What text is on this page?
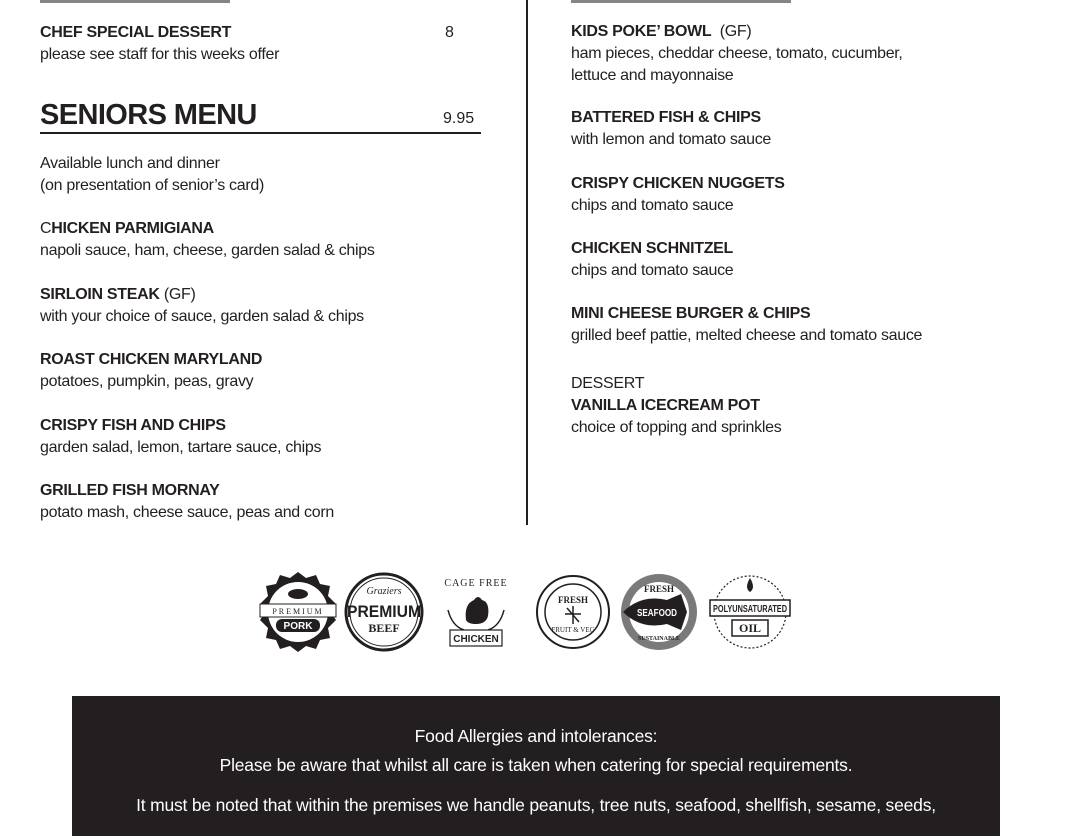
CHEF SPECIAL DESSERT
please see staff for this weeks offer
8
SENIORS MENU	9.95
Available lunch and dinner
(on presentation of senior’s card)
CHICKEN PARMIGIANA
napoli sauce, ham, cheese, garden salad & chips
SIRLOIN STEAK (GF)
with your choice of sauce, garden salad & chips
ROAST CHICKEN MARYLAND
potatoes, pumpkin, peas, gravy
CRISPY FISH AND CHIPS
garden salad, lemon, tartare sauce, chips
GRILLED FISH MORNAY
potato mash, cheese sauce, peas and corn
KIDS POKE’ BOWL  (GF)
ham pieces, cheddar cheese, tomato, cucumber,
lettuce and mayonnaise
BATTERED FISH & CHIPS
with lemon and tomato sauce
CRISPY CHICKEN NUGGETS
chips and tomato sauce
CHICKEN SCHNITZEL
chips and tomato sauce
MINI CHEESE BURGER & CHIPS
grilled beef pattie, melted cheese and tomato sauce
DESSERT
VANILLA ICECREAM POT
choice of topping and sprinkles
PREMIUM
PORK
Graziers
PREMIUM
BEEF
CAGE FREE
CHICKEN
FRESH
FRUIT & VEG
FRESH
SEAFOOD
SUSTAINABLE
POLYUNSATURATED
OIL
Food Allergies and intolerances:
Please be aware that whilst all care is taken when catering for special requirements.
It must be noted that within the premises we handle peanuts, tree nuts, seafood, shellfish, sesame, seeds,
